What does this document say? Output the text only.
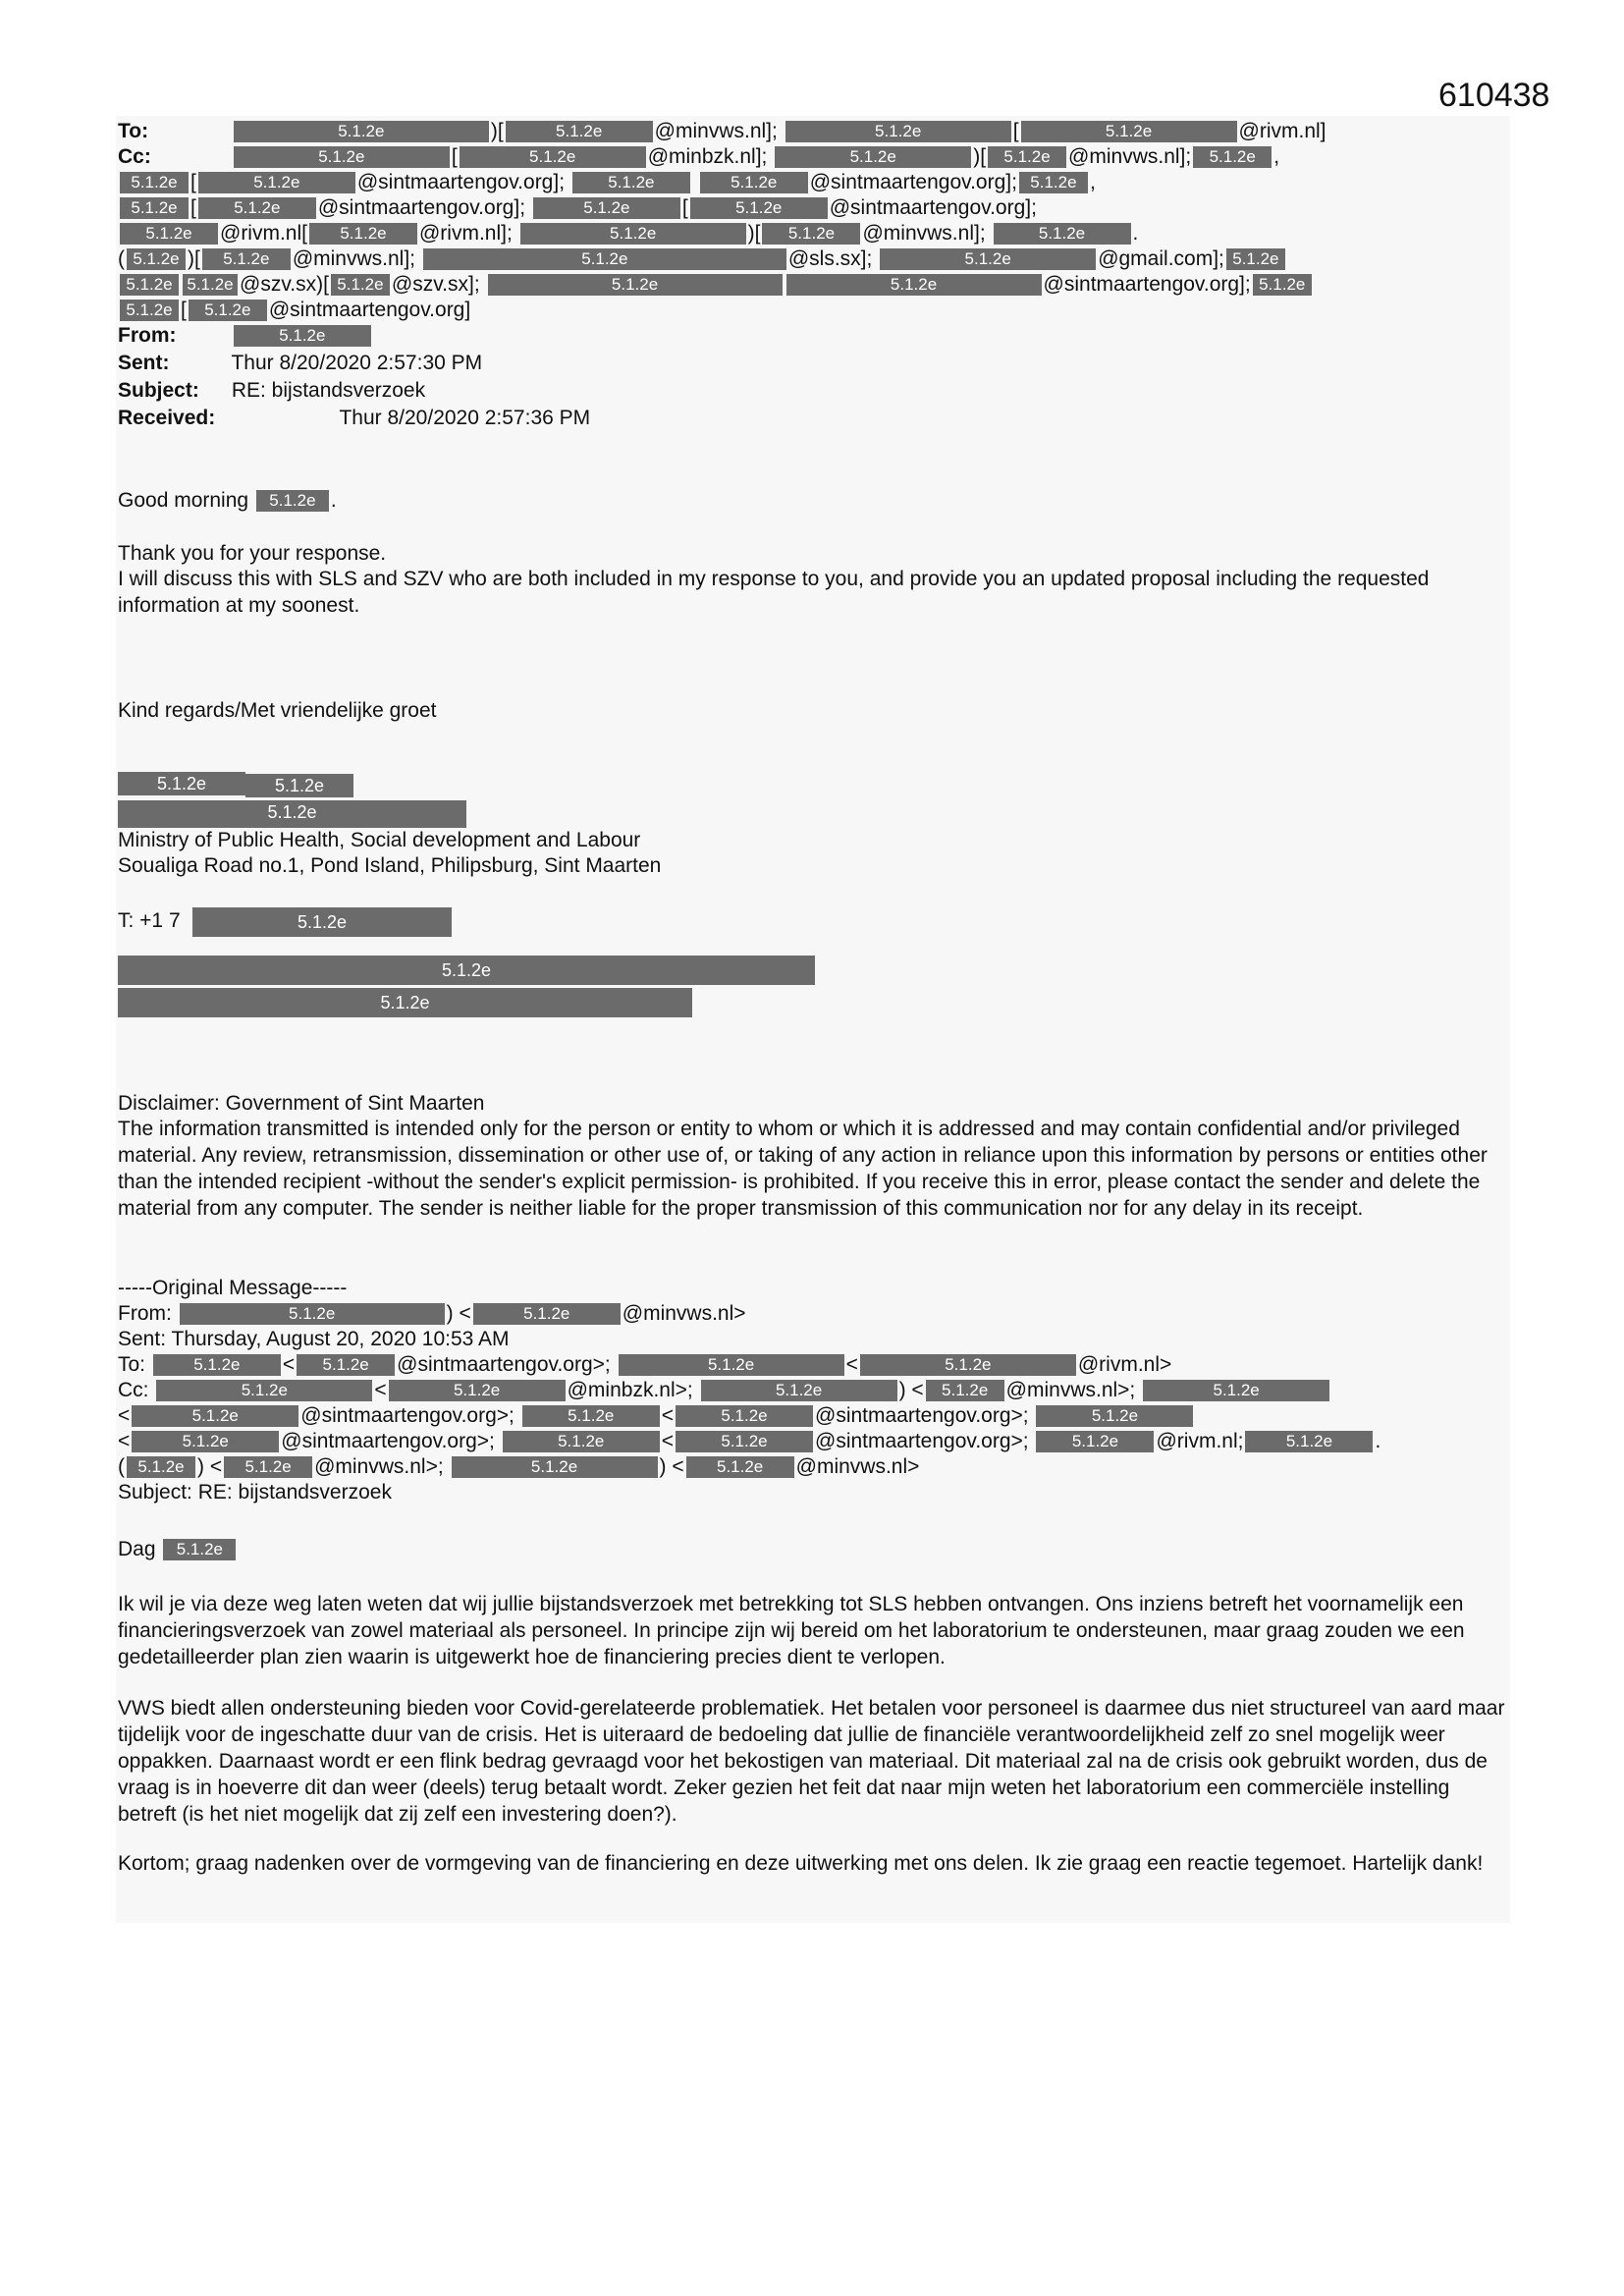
610438
To:	5.1.2e	)[	5.1.2e	@minvws.nl];	5.1.2e	[	5.1.2e	@rivm.nl]
Cc:	5.1.2e	[	5.1.2e	@minbzk.nl];	5.1.2e	)[ 5.1.2e @minvws.nl]; 5.1.2e ,
5.1.2e [	5.1.2e	@sintmaartengov.org];	5.1.2e	5.1.2e @sintmaartengov.org]; 5.1.2e ,
5.1.2e [ 5.1.2e @sintmaartengov.org];	5.1.2e	[	5.1.2e @sintmaartengov.org];
5.1.2e @rivm.nl[ 5.1.2e @rivm.nl];	5.1.2e	)[ 5.1.2e @minvws.nl];	5.1.2e .
( 5.1.2e )[ 5.1.2e @minvws.nl];	5.1.2e	@sls.sx];	5.1.2e	@gmail.com]; 5.1.2e
5.1.2e 5.1.2e @szv.sx)[ 5.1.2e @szv.sx];	5.1.2e	5.1.2e	@sintmaartengov.org]; 5.1.2e
5.1.2e [ 5.1.2e @sintmaartengov.org]
From:	5.1.2e
Sent:	Thur 8/20/2020 2:57:30 PM
Subject: RE: bijstandsverzoek
Received:	Thur 8/20/2020 2:57:36 PM
Good morning 5.1.2e .
Thank you for your response.
I will discuss this with SLS and SZV who are both included in my response to you, and provide you an updated proposal including the requested information at my soonest.
Kind regards/Met vriendelijke groet
5.1.2e	5.1.2e
5.1.2e
Ministry of Public Health, Social development and Labour
Soualiga Road no.1, Pond Island, Philipsburg, Sint Maarten
T: +1 7	5.1.2e
5.1.2e
5.1.2e
Disclaimer: Government of Sint Maarten
The information transmitted is intended only for the person or entity to whom or which it is addressed and may contain confidential and/or privileged material. Any review, retransmission, dissemination or other use of, or taking of any action in reliance upon this information by persons or entities other than the intended recipient -without the sender's explicit permission- is prohibited. If you receive this in error, please contact the sender and delete the material from any computer. The sender is neither liable for the proper transmission of this communication nor for any delay in its receipt.
-----Original Message-----
From:	5.1.2e	) <	5.1.2e	@minvws.nl>
Sent: Thursday, August 20, 2020 10:53 AM
To:	5.1.2e < 5.1.2e @sintmaartengov.org>;	5.1.2e	<	5.1.2e	@rivm.nl>
Cc:	5.1.2e	<	5.1.2e	@minbzk.nl>;	5.1.2e	) < 5.1.2e @minvws.nl>;	5.1.2e
<	5.1.2e	@sintmaartengov.org>;	5.1.2e <	5.1.2e @sintmaartengov.org>;	5.1.2e
<	5.1.2e	@sintmaartengov.org>;	5.1.2e	<	5.1.2e @sintmaartengov.org>;	5.1.2e @rivm.nl;	5.1.2e .
( 5.1.2e ) < 5.1.2e @minvws.nl>;	5.1.2e	) < 5.1.2e @minvws.nl>
Subject: RE: bijstandsverzoek
Dag 5.1.2e
Ik wil je via deze weg laten weten dat wij jullie bijstandsverzoek met betrekking tot SLS hebben ontvangen. Ons inziens betreft het voornamelijk een financieringsverzoek van zowel materiaal als personeel. In principe zijn wij bereid om het laboratorium te ondersteunen, maar graag zouden we een gedetailleerder plan zien waarin is uitgewerkt hoe de financiering precies dient te verlopen.
VWS biedt allen ondersteuning bieden voor Covid-gerelateerde problematiek. Het betalen voor personeel is daarmee dus niet structureel van aard maar tijdelijk voor de ingeschatte duur van de crisis. Het is uiteraard de bedoeling dat jullie de financiële verantwoordelijkheid zelf zo snel mogelijk weer oppakken. Daarnaast wordt er een flink bedrag gevraagd voor het bekostigen van materiaal. Dit materiaal zal na de crisis ook gebruikt worden, dus de vraag is in hoeverre dit dan weer (deels) terug betaalt wordt. Zeker gezien het feit dat naar mijn weten het laboratorium een commerciële instelling betreft (is het niet mogelijk dat zij zelf een investering doen?).
Kortom; graag nadenken over de vormgeving van de financiering en deze uitwerking met ons delen. Ik zie graag een reactie tegemoet. Hartelijk dank!
